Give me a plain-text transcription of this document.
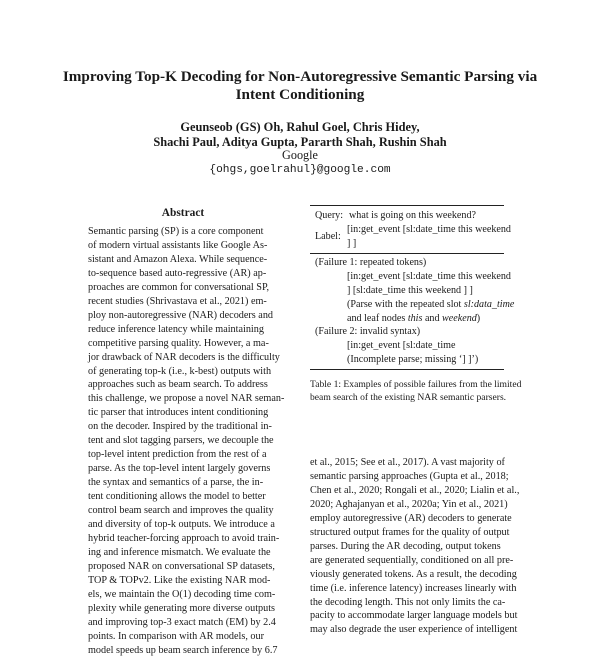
Improving Top-K Decoding for Non-Autoregressive Semantic Parsing via
Intent Conditioning
Geunseob (GS) Oh, Rahul Goel, Chris Hidey,
Shachi Paul, Aditya Gupta, Pararth Shah, Rushin Shah
Google
{ohgs,goelrahul}@google.com
Abstract
Semantic parsing (SP) is a core component
of modern virtual assistants like Google As-
sistant and Amazon Alexa. While sequence-
to-sequence based auto-regressive (AR) ap-
proaches are common for conversational SP,
recent studies (Shrivastava et al., 2021) em-
ploy non-autoregressive (NAR) decoders and
reduce inference latency while maintaining
competitive parsing quality. However, a ma-
jor drawback of NAR decoders is the difficulty
of generating top-k (i.e., k-best) outputs with
approaches such as beam search. To address
this challenge, we propose a novel NAR seman-
tic parser that introduces intent conditioning
on the decoder. Inspired by the traditional in-
tent and slot tagging parsers, we decouple the
top-level intent prediction from the rest of a
parse. As the top-level intent largely governs
the syntax and semantics of a parse, the in-
tent conditioning allows the model to better
control beam search and improves the quality
and diversity of top-k outputs. We introduce a
hybrid teacher-forcing approach to avoid train-
ing and inference mismatch. We evaluate the
proposed NAR on conversational SP datasets,
TOP & TOPv2. Like the existing NAR mod-
els, we maintain the O(1) decoding time com-
plexity while generating more diverse outputs
and improving top-3 exact match (EM) by 2.4
points. In comparison with AR models, our
model speeds up beam search inference by 6.7
Query: what is going on this weekend?
Label:
[in:get_event [sl:date_time this weekend
] ]
(Failure 1: repeated tokens)
[in:get_event [sl:date_time this weekend
] [sl:date_time this weekend ] ]
(Parse with the repeated slot sl:data_time
and leaf nodes this and weekend)
(Failure 2: invalid syntax)
[in:get_event [sl:date_time
(Incomplete parse; missing ‘] ]’)
Table 1: Examples of possible failures from the limited
beam search of the existing NAR semantic parsers.
et al., 2015; See et al., 2017). A vast majority of
semantic parsing approaches (Gupta et al., 2018;
Chen et al., 2020; Rongali et al., 2020; Lialin et al.,
2020; Aghajanyan et al., 2020a; Yin et al., 2021)
employ autoregressive (AR) decoders to generate
structured output frames for the quality of output
parses. During the AR decoding, output tokens
are generated sequentially, conditioned on all pre-
viously generated tokens. As a result, the decoding
time (i.e. inference latency) increases linearly with
the decoding length. This not only limits the ca-
pacity to accommodate larger language models but
may also degrade the user experience of intelligent
